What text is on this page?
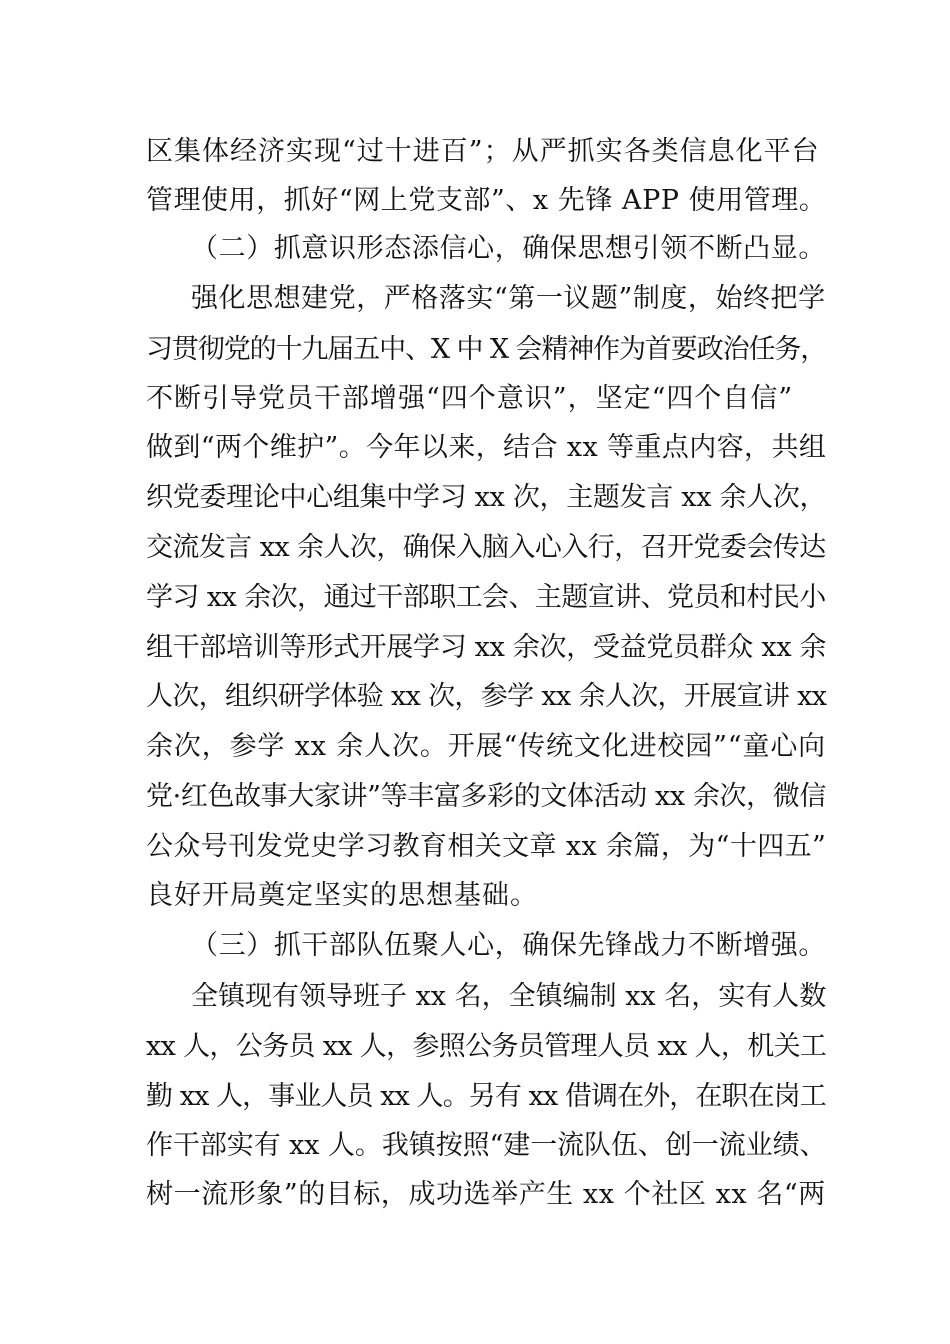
区集体经济实现“过十进百”；从严抓实各类信息化平台
管理使用，抓好“网上党支部”、x 先锋 APP 使用管理。
（二）抓意识形态添信心，确保思想引领不断凸显。
强化思想建党，严格落实“第一议题”制度，始终把学
习贯彻党的十九届五中、X 中 X 会精神作为首要政治任务，
不断引导党员干部增强“四个意识”，坚定“四个自信”
做到“两个维护”。今年以来，结合 xx 等重点内容，共组
织党委理论中心组集中学习 xx 次，主题发言 xx 余人次，
交流发言 xx 余人次，确保入脑入心入行，召开党委会传达
学习 xx 余次，通过干部职工会、主题宣讲、党员和村民小
组干部培训等形式开展学习 xx 余次，受益党员群众 xx 余
人次，组织研学体验 xx 次，参学 xx 余人次，开展宣讲 xx
余次，参学 xx 余人次。开展“传统文化进校园”“童心向
党·红色故事大家讲”等丰富多彩的文体活动 xx 余次，微信
公众号刊发党史学习教育相关文章 xx 余篇，为“十四五”
良好开局奠定坚实的思想基础。
（三）抓干部队伍聚人心，确保先锋战力不断增强。
全镇现有领导班子 xx 名，全镇编制 xx 名，实有人数
xx 人，公务员 xx 人，参照公务员管理人员 xx 人，机关工
勤 xx 人，事业人员 xx 人。另有 xx 借调在外，在职在岗工
作干部实有 xx 人。我镇按照“建一流队伍、创一流业绩、
树一流形象”的目标，成功选举产生 xx 个社区 xx 名“两
